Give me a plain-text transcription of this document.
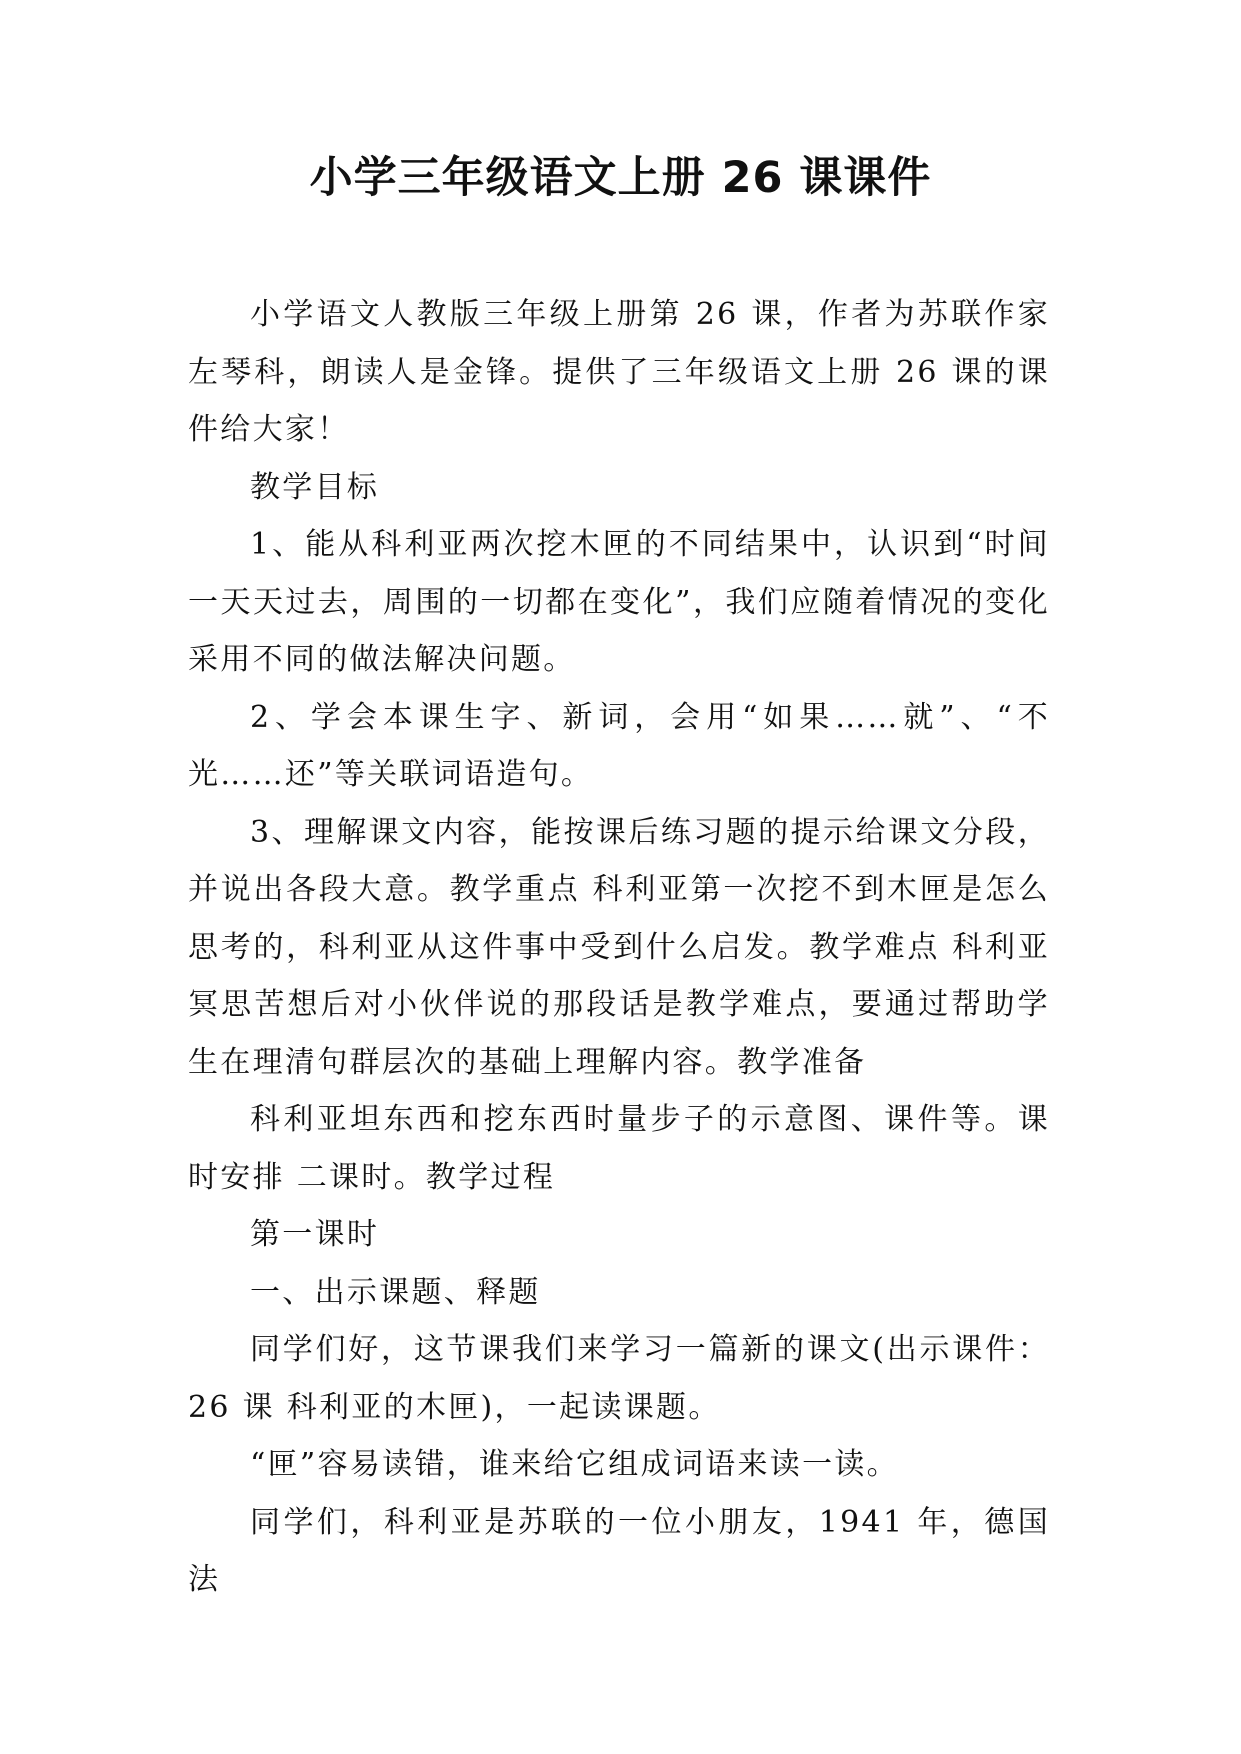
小学三年级语文上册 26 课课件

小学语文人教版三年级上册第 26 课，作者为苏联作家左琴科，朗读人是金锋。提供了三年级语文上册 26 课的课件给大家！

教学目标

1、能从科利亚两次挖木匣的不同结果中，认识到“时间一天天过去，周围的一切都在变化”，我们应随着情况的变化采用不同的做法解决问题。

2、学会本课生字、新词，会用“如果……就”、“不光……还”等关联词语造句。

3、理解课文内容，能按课后练习题的提示给课文分段，并说出各段大意。教学重点 科利亚第一次挖不到木匣是怎么思考的，科利亚从这件事中受到什么启发。教学难点 科利亚冥思苦想后对小伙伴说的那段话是教学难点，要通过帮助学生在理清句群层次的基础上理解内容。教学准备

科利亚坦东西和挖东西时量步子的示意图、课件等。课时安排 二课时。教学过程

第一课时

一、出示课题、释题

同学们好，这节课我们来学习一篇新的课文(出示课件：26 课 科利亚的木匣)，一起读课题。

“匣”容易读错，谁来给它组成词语来读一读。

同学们，科利亚是苏联的一位小朋友，1941 年，德国法
